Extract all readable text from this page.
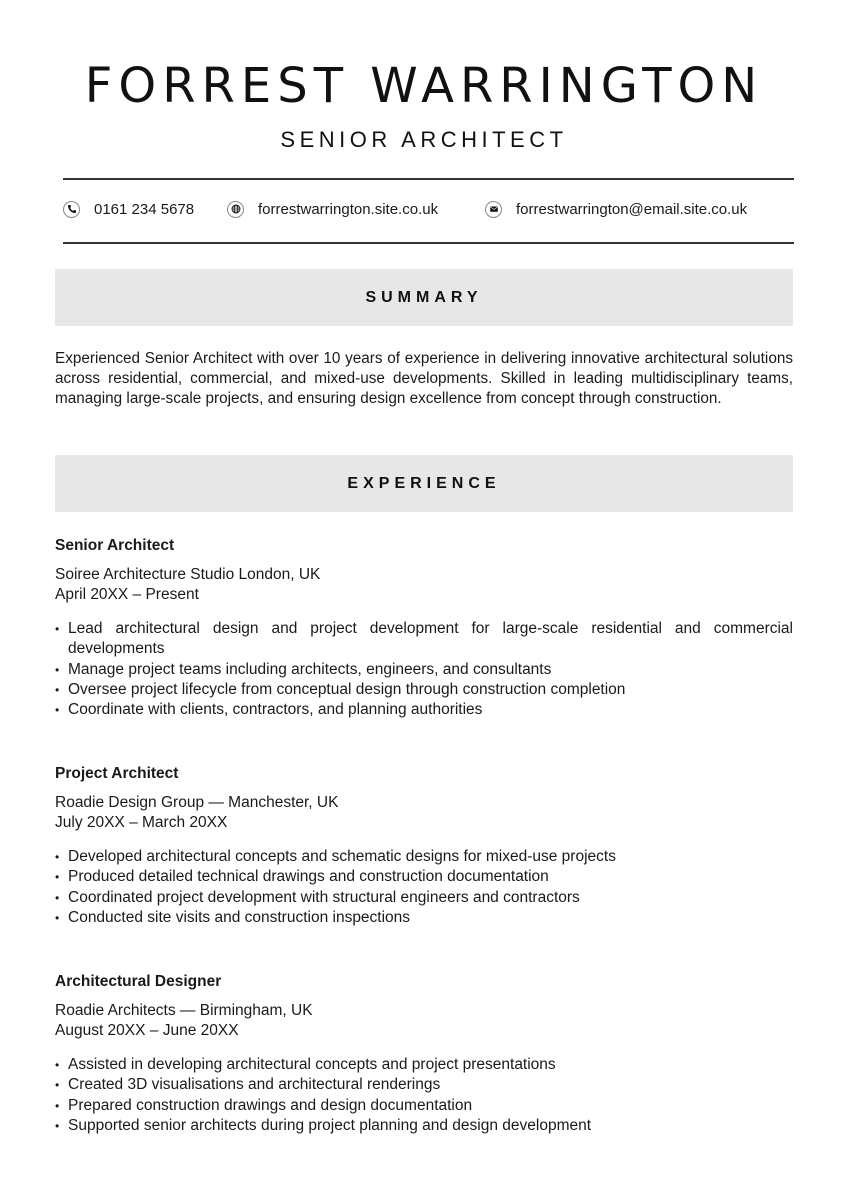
FORREST WARRINGTON
SENIOR ARCHITECT
0161 234 5678	forrestwarrington.site.co.uk	forrestwarrington@email.site.co.uk
SUMMARY
Experienced Senior Architect with over 10 years of experience in delivering innovative architectural solutions across residential, commercial, and mixed-use developments. Skilled in leading multidisciplinary teams, managing large-scale projects, and ensuring design excellence from concept through construction.
EXPERIENCE
Senior Architect
Soiree Architecture Studio London, UK
April 20XX – Present
• Lead architectural design and project development for large-scale residential and commercial developments
• Manage project teams including architects, engineers, and consultants
• Oversee project lifecycle from conceptual design through construction completion
• Coordinate with clients, contractors, and planning authorities
Project Architect
Roadie Design Group — Manchester, UK
July 20XX – March 20XX
• Developed architectural concepts and schematic designs for mixed-use projects
• Produced detailed technical drawings and construction documentation
• Coordinated project development with structural engineers and contractors
• Conducted site visits and construction inspections
Architectural Designer
Roadie Architects — Birmingham, UK
August 20XX – June 20XX
• Assisted in developing architectural concepts and project presentations
• Created 3D visualisations and architectural renderings
• Prepared construction drawings and design documentation
• Supported senior architects during project planning and design development
